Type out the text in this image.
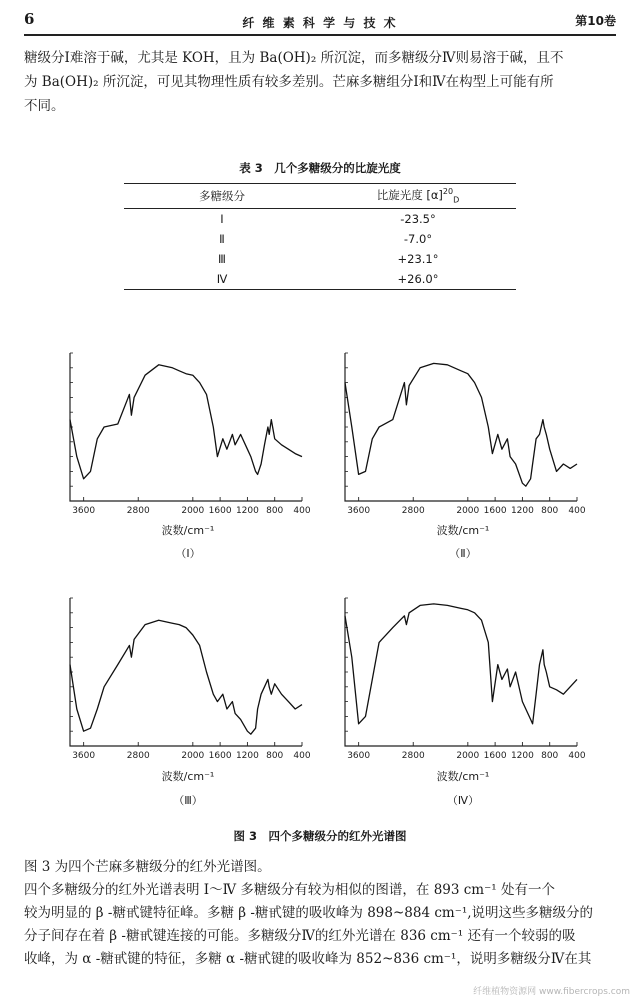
6	纤 维 素 科 学 与 技 术	第10卷
糖级分Ⅰ难溶于碱，尤其是 KOH，且为 Ba(OH)₂ 所沉淀，而多糖级分Ⅳ则易溶于碱，且不
为 Ba(OH)₂ 所沉淀，可见其物理性质有较多差别。芒麻多糖组分Ⅰ和Ⅳ在构型上可能有所
不同。
表 3　几个多糖级分的比旋光度
多糖级分	比旋光度 $[\alpha]^{20}_D$
Ⅰ	-23.5°
Ⅱ	-7.0°
Ⅲ	+23.1°
Ⅳ	+26.0°
3600	2800	2000 1600 1200 800 400
波数/cm⁻¹
（Ⅰ）
3600	2800	2000 1600 1200 800 400
波数/cm⁻¹
（Ⅱ）
3600	2800	2000 1600 1200 800 400
波数/cm⁻¹
（Ⅲ）
3600	2800	2000 1600 1200 800 400
波数/cm⁻¹
（Ⅳ）
图 3　四个多糖级分的红外光谱图
图 3 为四个芒麻多糖级分的红外光谱图。
四个多糖级分的红外光谱表明 Ⅰ～Ⅳ 多糖级分有较为相似的图谱，在 893 cm⁻¹ 处有一个
较为明显的 β -糖甙键特征峰。多糖 β -糖甙键的吸收峰为 898~884 cm⁻¹,说明这些多糖级分的
分子间存在着 β -糖甙键连接的可能。多糖级分Ⅳ的红外光谱在 836 cm⁻¹ 还有一个较弱的吸
收峰，为 α -糖甙键的特征，多糖 α -糖甙键的吸收峰为 852~836 cm⁻¹，说明多糖级分Ⅳ在其
纤维植物资源网 www.fibercrops.com
